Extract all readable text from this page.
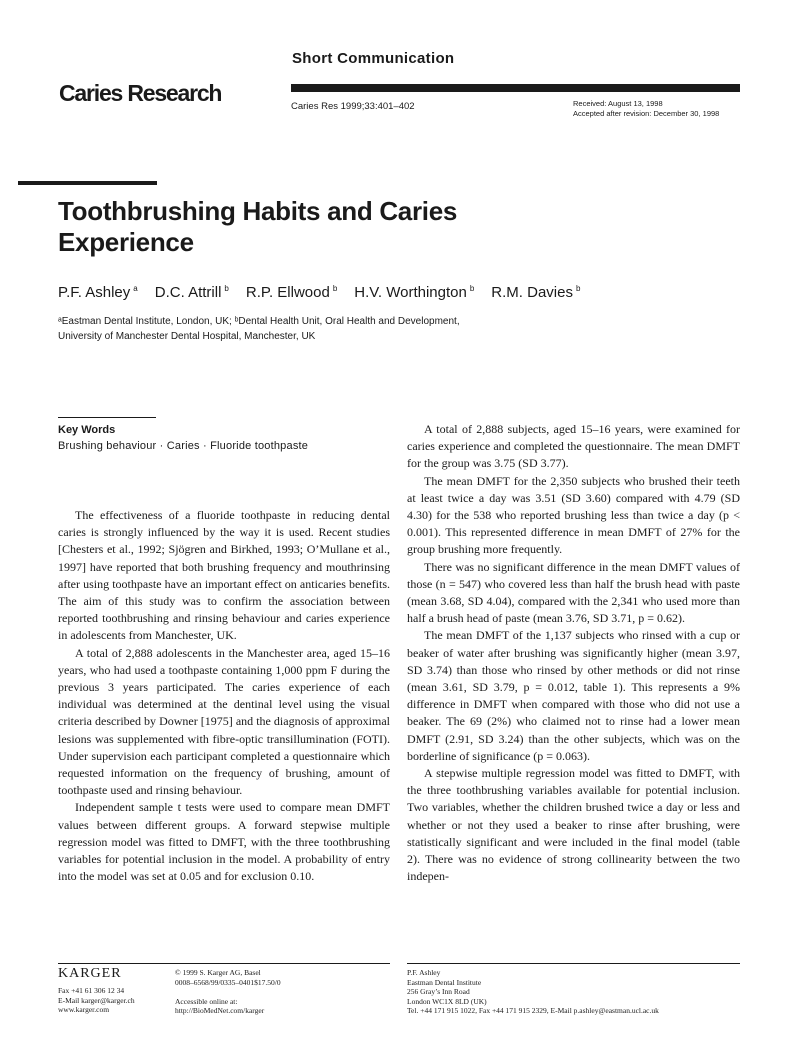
Short Communication
Caries Research
Caries Res 1999;33:401–402	Received: August 13, 1998
Accepted after revision: December 30, 1998
Toothbrushing Habits and Caries Experience
P.F. Ashley $^a$ D.C. Attrill $^b$ R.P. Ellwood $^b$ H.V. Worthington $^b$ R.M. Davies $^b$
ᵃEastman Dental Institute, London, UK; ᵇDental Health Unit, Oral Health and Development,
University of Manchester Dental Hospital, Manchester, UK
Key Words
Brushing behaviour · Caries · Fluoride toothpaste

The effectiveness of a fluoride toothpaste in reducing dental caries is strongly influenced by the way it is used. Recent studies [Chesters et al., 1992; Sjögren and Birkhed, 1993; O’Mullane et al., 1997] have reported that both brushing frequency and mouthrinsing after using toothpaste have an important effect on anticaries benefits. The aim of this study was to confirm the association between reported toothbrushing and rinsing behaviour and caries experience in adolescents from Manchester, UK.

A total of 2,888 adolescents in the Manchester area, aged 15–16 years, who had used a toothpaste containing 1,000 ppm F during the previous 3 years participated. The caries experience of each individual was determined at the dentinal level using the visual criteria described by Downer [1975] and the diagnosis of approximal lesions was supplemented with fibre-optic transillumination (FOTI). Under supervision each participant completed a questionnaire which requested information on the frequency of brushing, amount of toothpaste used and rinsing behaviour.

Independent sample t tests were used to compare mean DMFT values between different groups. A forward stepwise multiple regression model was fitted to DMFT, with the three toothbrushing variables for potential inclusion in the model. A probability of entry into the model was set at 0.05 and for exclusion 0.10.

A total of 2,888 subjects, aged 15–16 years, were examined for caries experience and completed the questionnaire. The mean DMFT for the group was 3.75 (SD 3.77).

The mean DMFT for the 2,350 subjects who brushed their teeth at least twice a day was 3.51 (SD 3.60) compared with 4.79 (SD 4.30) for the 538 who reported brushing less than twice a day (p < 0.001). This represented difference in mean DMFT of 27% for the group brushing more frequently.

There was no significant difference in the mean DMFT values of those (n = 547) who covered less than half the brush head with paste (mean 3.68, SD 4.04), compared with the 2,341 who used more than half a brush head of paste (mean 3.76, SD 3.71, p = 0.62).

The mean DMFT of the 1,137 subjects who rinsed with a cup or beaker of water after brushing was significantly higher (mean 3.97, SD 3.74) than those who rinsed by other methods or did not rinse (mean 3.61, SD 3.79, p = 0.012, table 1). This represents a 9% difference in DMFT when compared with those who did not use a beaker. The 69 (2%) who claimed not to rinse had a lower mean DMFT (2.91, SD 3.24) than the other subjects, which was on the borderline of significance (p = 0.063).

A stepwise multiple regression model was fitted to DMFT, with the three toothbrushing variables available for potential inclusion. Two variables, whether the children brushed twice a day or less and whether or not they used a beaker to rinse after brushing, were statistically significant and were included in the final model (table 2). There was no evidence of strong collinearity between the two indepen-

KARGER
Fax +41 61 306 12 34
E-Mail karger@karger.ch
www.karger.com
© 1999 S. Karger AG, Basel
0008–6568/99/0335–0401$17.50/0

Accessible online at:
http://BioMedNet.com/karger
P.F. Ashley
Eastman Dental Institute
256 Gray’s Inn Road
London WC1X 8LD (UK)
Tel. +44 171 915 1022, Fax +44 171 915 2329, E-Mail p.ashley@eastman.ucl.ac.uk
